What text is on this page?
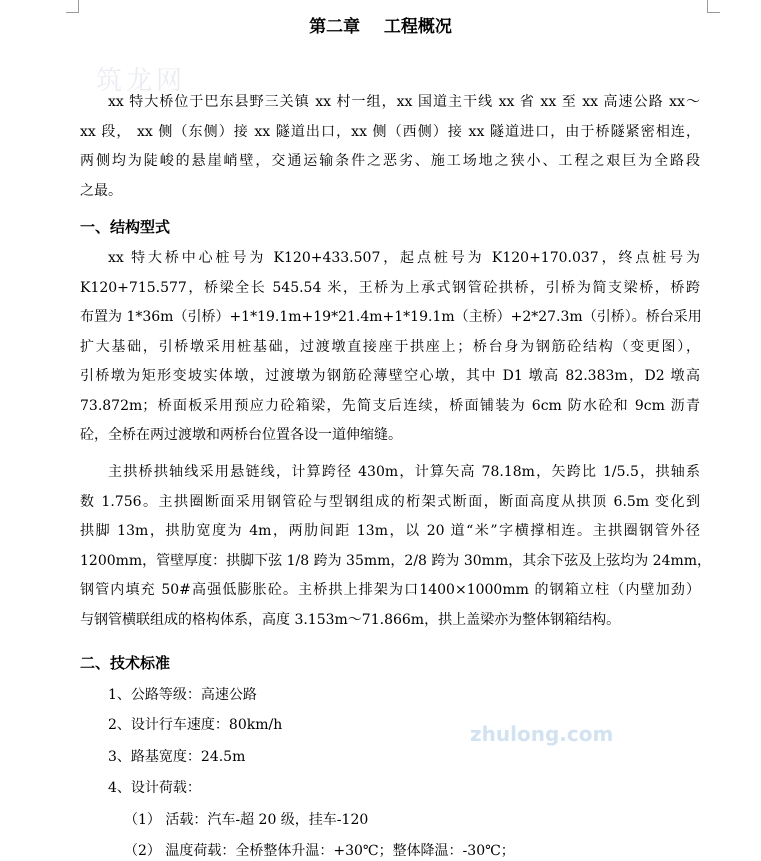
筑龙网
zhulong.com
第二章    工程概况
xx 特大桥位于巴东县野三关镇 xx 村一组，xx 国道主干线 xx 省 xx 至 xx 高速公路 xx～
xx 段， xx 侧（东侧）接 xx 隧道出口，xx 侧（西侧）接 xx 隧道进口，由于桥隧紧密相连，
两侧均为陡峻的悬崖峭壁，交通运输条件之恶劣、施工场地之狭小、工程之艰巨为全路段
之最。
一、结构型式
xx 特大桥中心桩号为 K120+433.507，起点桩号为 K120+170.037，终点桩号为
K120+715.577，桥梁全长 545.54 米，王桥为上承式钢管砼拱桥，引桥为简支梁桥，桥跨
布置为 1*36m（引桥）+1*19.1m+19*21.4m+1*19.1m（主桥）+2*27.3m（引桥）。桥台采用
扩大基础，引桥墩采用桩基础，过渡墩直接座于拱座上；桥台身为钢筋砼结构（变更图），
引桥墩为矩形变坡实体墩，过渡墩为钢筋砼薄壁空心墩，其中 D1 墩高 82.383m，D2 墩高
73.872m；桥面板采用预应力砼箱梁，先简支后连续，桥面铺装为 6cm 防水砼和 9cm 沥青
砼，全桥在两过渡墩和两桥台位置各设一道伸缩缝。
主拱桥拱轴线采用悬链线，计算跨径 430m，计算矢高 78.18m，矢跨比 1/5.5，拱轴系
数 1.756。主拱圈断面采用钢管砼与型钢组成的桁架式断面，断面高度从拱顶 6.5m 变化到
拱脚 13m，拱肋宽度为 4m，两肋间距 13m，以 20 道“米”字横撑相连。主拱圈钢管外径
1200mm，管壁厚度：拱脚下弦 1/8 跨为 35mm，2/8 跨为 30mm，其余下弦及上弦均为 24mm，
钢管内填充 50#高强低膨胀砼。主桥拱上排架为口1400×1000mm 的钢箱立柱（内壁加劲）
与钢管横联组成的格构体系，高度 3.153m～71.866m，拱上盖梁亦为整体钢箱结构。
二、技术标准
1、公路等级：高速公路
2、设计行车速度：80km/h
3、路基宽度：24.5m
4、设计荷载：
（1） 活载：汽车-超 20 级，挂车-120
（2） 温度荷载：全桥整体升温：+30℃；整体降温：-30℃；
